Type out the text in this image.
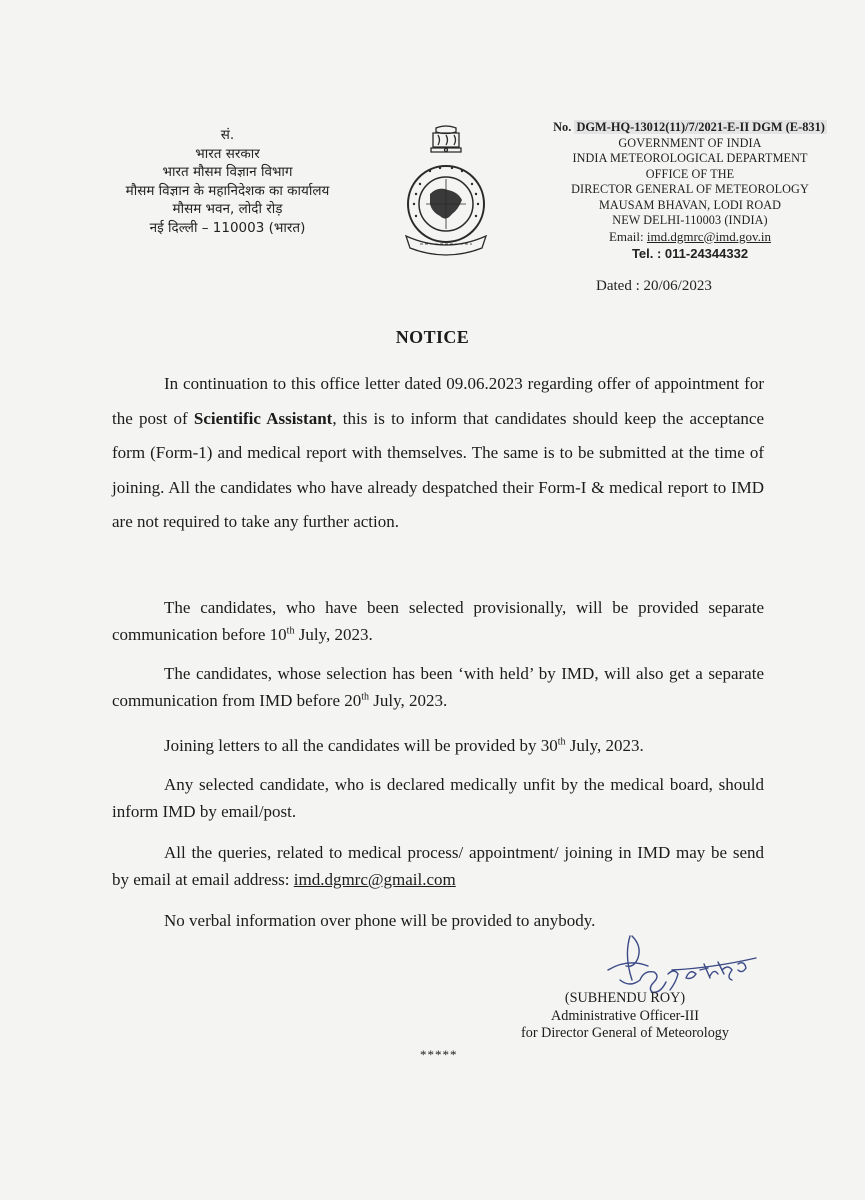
सं.
भारत सरकार
भारत मौसम विज्ञान विभाग
मौसम विज्ञान के महानिदेशक का कार्यालय
मौसम भवन, लोदी रोड़
नई दिल्ली – 110003 (भारत)
No. DGM-HQ-13012(11)/7/2021-E-II DGM (E-831)
GOVERNMENT OF INDIA
INDIA METEOROLOGICAL DEPARTMENT
OFFICE OF THE
DIRECTOR GENERAL OF METEOROLOGY
MAUSAM BHAVAN, LODI ROAD
NEW DELHI-110003 (INDIA)
Email: imd.dgmrc@imd.gov.in
Tel. : 011-24344332
Dated : 20/06/2023
NOTICE
In continuation to this office letter dated 09.06.2023 regarding offer of appointment for the post of Scientific Assistant, this is to inform that candidates should keep the acceptance form (Form-1) and medical report with themselves. The same is to be submitted at the time of joining. All the candidates who have already despatched their Form-I & medical report to IMD are not required to take any further action.
The candidates, who have been selected provisionally, will be provided separate communication before 10th July, 2023.
The candidates, whose selection has been ‘with held’ by IMD, will also get a separate communication from IMD before 20th July, 2023.
Joining letters to all the candidates will be provided by 30th July, 2023.
Any selected candidate, who is declared medically unfit by the medical board, should inform IMD by email/post.
All the queries, related to medical process/ appointment/ joining in IMD may be send by email at email address: imd.dgmrc@gmail.com
No verbal information over phone will be provided to anybody.
(SUBHENDU ROY)
Administrative Officer-III
for Director General of Meteorology
*****
